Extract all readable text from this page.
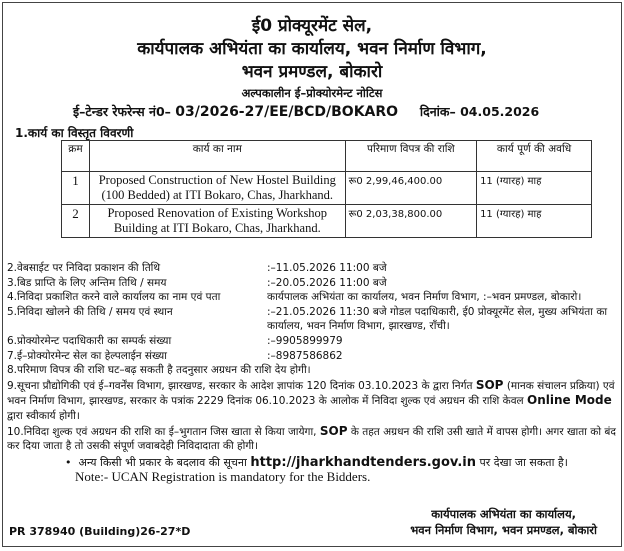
ई0 प्रोक्यूरमेंट सेल,
कार्यपालक अभियंता का कार्यालय, भवन निर्माण विभाग,
भवन प्रमण्डल, बोकारो
अल्पकालीन ई–प्रोक्योरमेन्ट नोटिस
ई–टेन्डर रेफरेन्स नं0– 03/2026-27/EE/BCD/BOKARO दिनांक– 04.05.2026
1.कार्य का विस्तृत विवरणी
क्रम	कार्य का नाम	परिमाण विपत्र की राशि	कार्य पूर्ण की अवधि
1	Proposed Construction of New Hostel Building (100 Bedded) at ITI Bokaro, Chas, Jharkhand.	रू0 2,99,46,400.00	11 (ग्यारह) माह
2	Proposed Renovation of Existing Workshop Building at ITI Bokaro, Chas, Jharkhand.	रू0 2,03,38,800.00	11 (ग्यारह) माह
2.वेबसाईट पर निविदा प्रकाशन की तिथि	:–11.05.2026 11:00 बजे
3.बिड प्राप्ति के लिए अन्तिम तिथि / समय	:–20.05.2026 11:00 बजे
4.निविदा प्रकाशित करने वाले कार्यालय का नाम एवं पता	कार्यपालक अभियंता का कार्यालय, भवन निर्माण विभाग, :–भवन प्रमण्डल, बोकारो।
5.निविदा खोलने की तिथि / समय एवं स्थान	:–21.05.2026 11:30 बजे गोडल पदाधिकारी, ई0 प्रोक्यूरमेंट सेल, मुख्य अभियंता का कार्यालय, भवन निर्माण विभाग, झारखण्ड, राँची।
6.प्रोक्योरमेन्ट पदाधिकारी का सम्पर्क संख्या	:–9905899979
7.ई–प्रोक्योरमेन्ट सेल का हेल्पलाईन संख्या	:–8987586862

8.परिमाण विपत्र की राशि घट–बढ़ सकती है तदनुसार अग्रधन की राशि देय होगी।

9.सूचना प्रौद्योगिकी एवं ई–गवर्नेंस विभाग, झारखण्ड, सरकार के आदेश ज्ञापांक 120 दिनांक 03.10.2023 के द्वारा निर्गत SOP (मानक संचालन प्रक्रिया) एवं भवन निर्माण विभाग, झारखण्ड, सरकार के पत्रांक 2229 दिनांक 06.10.2023 के आलोक में निविदा शुल्क एवं अग्रधन की राशि केवल Online Mode द्वारा स्वीकार्य होगी।

10.निविदा शुल्क एवं अग्रधन की राशि का ई–भुगतान जिस खाता से किया जायेगा, SOP के तहत अग्रधन की राशि उसी खाते में वापस होगी। अगर खाता को बंद कर दिया जाता है तो उसकी संपूर्ण जवाबदेही निविदादाता की होगी।

•  अन्य किसी भी प्रकार के बदलाव की सूचना http://jharkhandtenders.gov.in पर देखा जा सकता है।
Note:- UCAN Registration is mandatory for the Bidders.
PR 378940 (Building)26-27*D
कार्यपालक अभियंता का कार्यालय,
भवन निर्माण विभाग, भवन प्रमण्डल, बोकारो
